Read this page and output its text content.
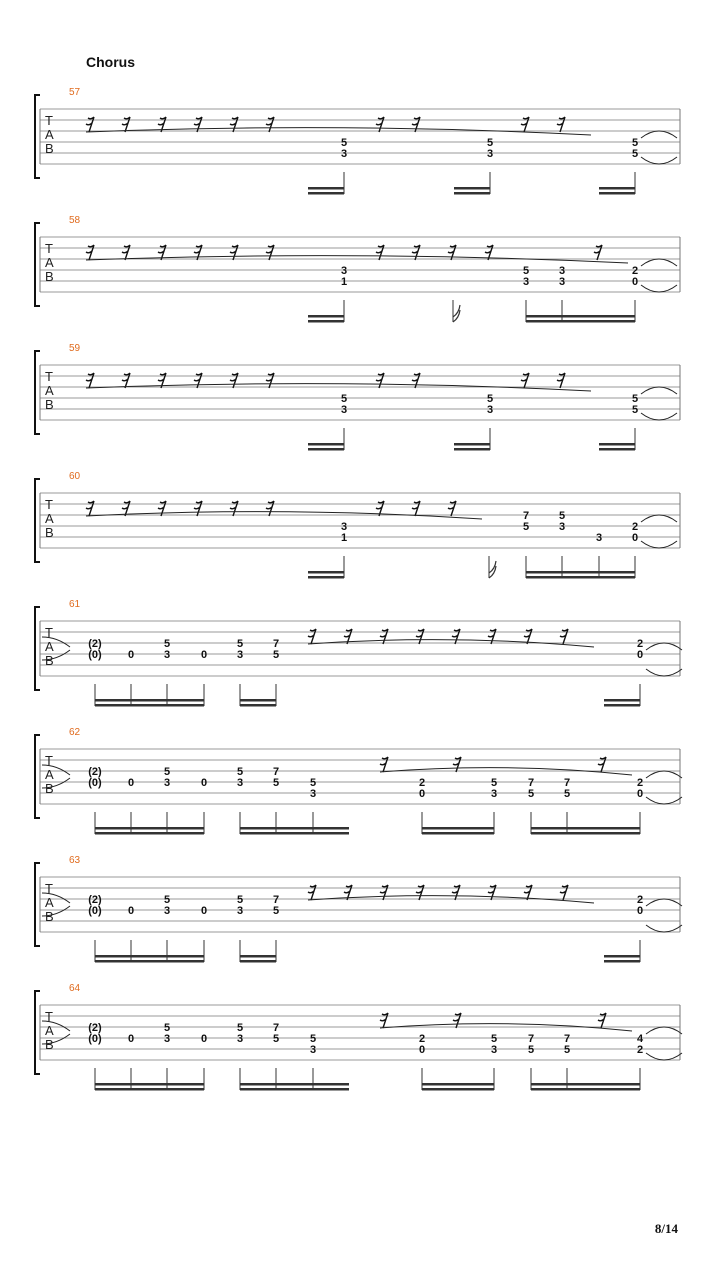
Chorus
57
T
A
B	5
3
5
3
5
5
58
T
A
B	3
1
5
3
3
3
2
0
59
T
A
B	5
3
5
3
5
5
60
T
A
B	3
1
7
5
5
3
3
2
0
61
T
A
B
(2)
(0) 0
5
3	0
5
3
7
5
2
0
62
T
A
B
(2)
(0) 0
5
3	0
5
3
7
5	5
3
2
0
5
3
7
5
7
5
2
0
63
T
A
B
(2)
(0) 0
5
3	0
5
3
7
5
2
0
64
T
A
B
(2)
(0) 0
5
3	0
5
3
7
5	5
3
2
0
5
3
7
5
7
5
4
2
8/14
